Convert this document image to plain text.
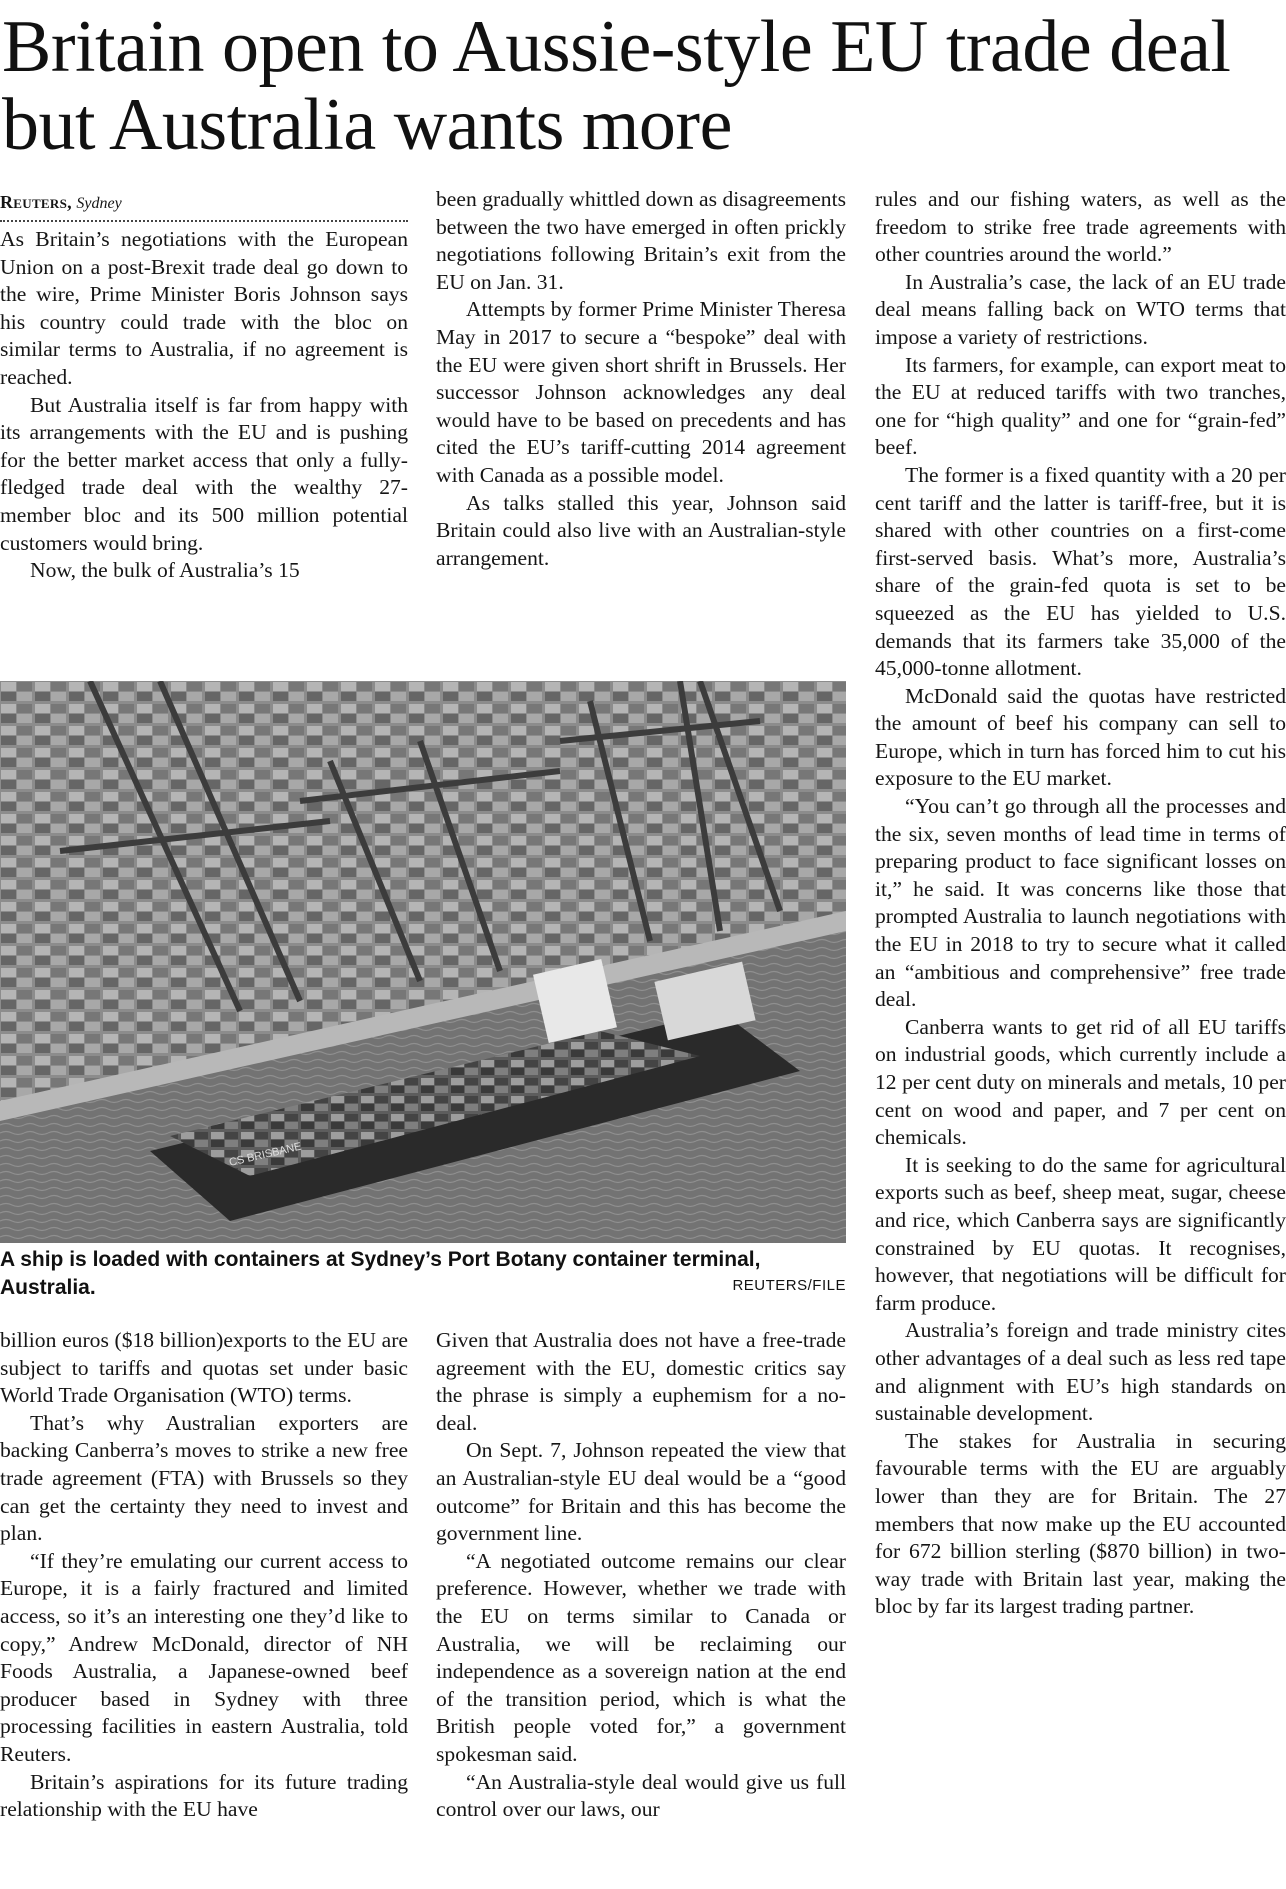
Britain open to Aussie-style EU trade deal but Australia wants more
Reuters, Sydney

As Britain’s negotiations with the European Union on a post-Brexit trade deal go down to the wire, Prime Minister Boris Johnson says his country could trade with the bloc on similar terms to Australia, if no agreement is reached.

But Australia itself is far from happy with its arrangements with the EU and is pushing for the better market access that only a fully-fledged trade deal with the wealthy 27-member bloc and its 500 million potential customers would bring.

Now, the bulk of Australia’s 15

been gradually whittled down as disagreements between the two have emerged in often prickly negotiations following Britain’s exit from the EU on Jan. 31.

Attempts by former Prime Minister Theresa May in 2017 to secure a “bespoke” deal with the EU were given short shrift in Brussels. Her successor Johnson acknowledges any deal would have to be based on precedents and has cited the EU’s tariff-cutting 2014 agreement with Canada as a possible model.

As talks stalled this year, Johnson said Britain could also live with an Australian-style arrangement.

rules and our fishing waters, as well as the freedom to strike free trade agreements with other countries around the world.”

In Australia’s case, the lack of an EU trade deal means falling back on WTO terms that impose a variety of restrictions.

Its farmers, for example, can export meat to the EU at reduced tariffs with two tranches, one for “high quality” and one for “grain-fed” beef.

The former is a fixed quantity with a 20 per cent tariff and the latter is tariff-free, but it is shared with other countries on a first-come first-served basis. What’s more, Australia’s share of the grain-fed quota is set to be squeezed as the EU has yielded to U.S. demands that its farmers take 35,000 of the 45,000-tonne allotment.

McDonald said the quotas have restricted the amount of beef his company can sell to Europe, which in turn has forced him to cut his exposure to the EU market.

“You can’t go through all the processes and the six, seven months of lead time in terms of preparing product to face significant losses on it,” he said. It was concerns like those that prompted Australia to launch negotiations with the EU in 2018 to try to secure what it called an “ambitious and comprehensive” free trade deal.

Canberra wants to get rid of all EU tariffs on industrial goods, which currently include a 12 per cent duty on minerals and metals, 10 per cent on wood and paper, and 7 per cent on chemicals.

It is seeking to do the same for agricultural exports such as beef, sheep meat, sugar, cheese and rice, which Canberra says are significantly constrained by EU quotas. It recognises, however, that negotiations will be difficult for farm produce.

Australia’s foreign and trade ministry cites other advantages of a deal such as less red tape and alignment with EU’s high standards on sustainable development.

The stakes for Australia in securing favourable terms with the EU are arguably lower than they are for Britain. The 27 members that now make up the EU accounted for 672 billion sterling ($870 billion) in two-way trade with Britain last year, making the bloc by far its largest trading partner.

CS BRISBANE
A ship is loaded with containers at Sydney’s Port Botany container terminal, Australia.	REUTERS/FILE

billion euros ($18 billion)exports to the EU are subject to tariffs and quotas set under basic World Trade Organisation (WTO) terms.

That’s why Australian exporters are backing Canberra’s moves to strike a new free trade agreement (FTA) with Brussels so they can get the certainty they need to invest and plan.

“If they’re emulating our current access to Europe, it is a fairly fractured and limited access, so it’s an interesting one they’d like to copy,” Andrew McDonald, director of NH Foods Australia, a Japanese-owned beef producer based in Sydney with three processing facilities in eastern Australia, told Reuters.

Britain’s aspirations for its future trading relationship with the EU have

Given that Australia does not have a free-trade agreement with the EU, domestic critics say the phrase is simply a euphemism for a no-deal.

On Sept. 7, Johnson repeated the view that an Australian-style EU deal would be a “good outcome” for Britain and this has become the government line.

“A negotiated outcome remains our clear preference. However, whether we trade with the EU on terms similar to Canada or Australia, we will be reclaiming our independence as a sovereign nation at the end of the transition period, which is what the British people voted for,” a government spokesman said.

“An Australia-style deal would give us full control over our laws, our
